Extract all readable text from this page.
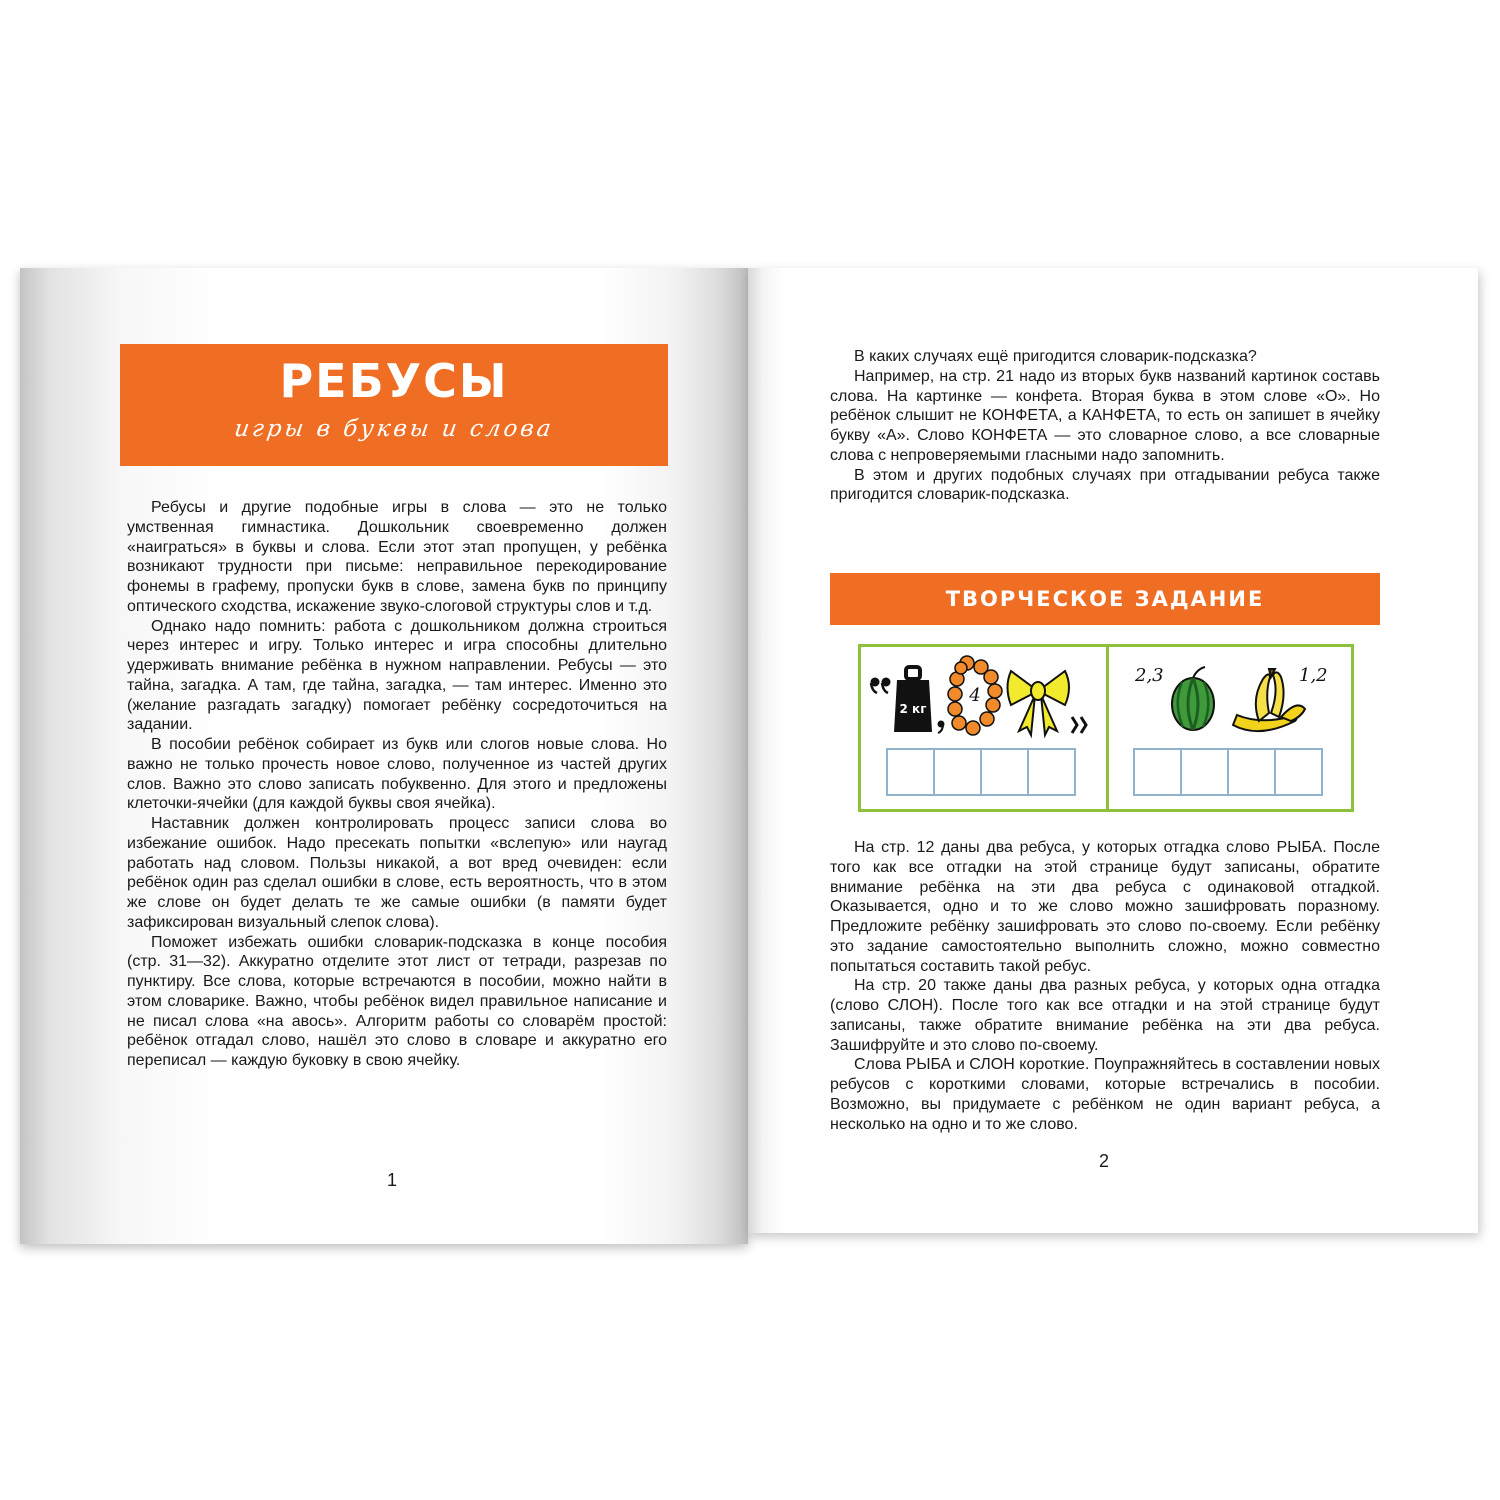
РЕБУСЫ
игры в буквы и слова

Ребусы и другие подобные игры в слова — это не только умственная гимнастика. Дошкольник своевременно должен «наиграться» в буквы и слова. Если этот этап пропущен, у ребёнка возникают трудности при письме: неправильное перекодирование фонемы в графему, пропуски букв в слове, замена букв по принципу оптического сходства, искажение звуко-слоговой структуры слов и т.д.

Однако надо помнить: работа с дошкольником должна строиться через интерес и игру. Только интерес и игра способны длительно удерживать внимание ребёнка в нужном направлении. Ребусы — это тайна, загадка. А там, где тайна, загадка, — там интерес. Именно это (желание разгадать загадку) помогает ребёнку сосредоточиться на задании.

В пособии ребёнок собирает из букв или слогов новые слова. Но важно не только прочесть новое слово, полученное из частей других слов. Важно это слово записать побуквенно. Для этого и предложены клеточки-ячейки (для каждой буквы своя ячейка).

Наставник должен контролировать процесс записи слова во избежание ошибок. Надо пресекать попытки «вслепую» или наугад работать над словом. Пользы никакой, а вот вред очевиден: если ребёнок один раз сделал ошибки в слове, есть вероятность, что в этом же слове он будет делать те же самые ошибки (в памяти будет зафиксирован визуальный слепок слова).

Поможет избежать ошибки словарик-подсказка в конце пособия (стр. 31—32). Аккуратно отделите этот лист от тетради, разрезав по пунктиру. Все слова, которые встречаются в пособии, можно найти в этом словарике. Важно, чтобы ребёнок видел правильное написание и не писал слова «на авось». Алгоритм работы со словарём простой: ребёнок отгадал слово, нашёл это слово в словаре и аккуратно его переписал — каждую буковку в свою ячейку.

1

В каких случаях ещё пригодится словарик-подсказка?

Например, на стр. 21 надо из вторых букв названий картинок составь слова. На картинке — конфета. Вторая буква в этом слове «О». Но ребёнок слышит не КОНФЕТА, а КАНФЕТА, то есть он запишет в ячейку букву «А». Слово КОНФЕТА — это словарное слово, а все словарные слова с непроверяемыми гласными надо запомнить.

В этом и других подобных случаях при отгадывании ребуса также пригодится словарик-подсказка.

ТВОРЧЕСКОЕ ЗАДАНИЕ
2 кг
4
2,3	1,2

На стр. 12 даны два ребуса, у которых отгадка слово РЫБА. После того как все отгадки на этой странице будут записаны, обратите внимание ребёнка на эти два ребуса с одинаковой отгадкой. Оказывается, одно и то же слово можно зашифровать поразному. Предложите ребёнку зашифровать это слово по-своему. Если ребёнку это задание самостоятельно выполнить сложно, можно совместно попытаться составить такой ребус.

На стр. 20 также даны два разных ребуса, у которых одна отгадка (слово СЛОН). После того как все отгадки и на этой странице будут записаны, также обратите внимание ребёнка на эти два ребуса. Зашифруйте и это слово по-своему.

Слова РЫБА и СЛОН короткие. Поупражняйтесь в составлении новых ребусов с короткими словами, которые встречались в пособии. Возможно, вы придумаете с ребёнком не один вариант ребуса, а несколько на одно и то же слово.

2
